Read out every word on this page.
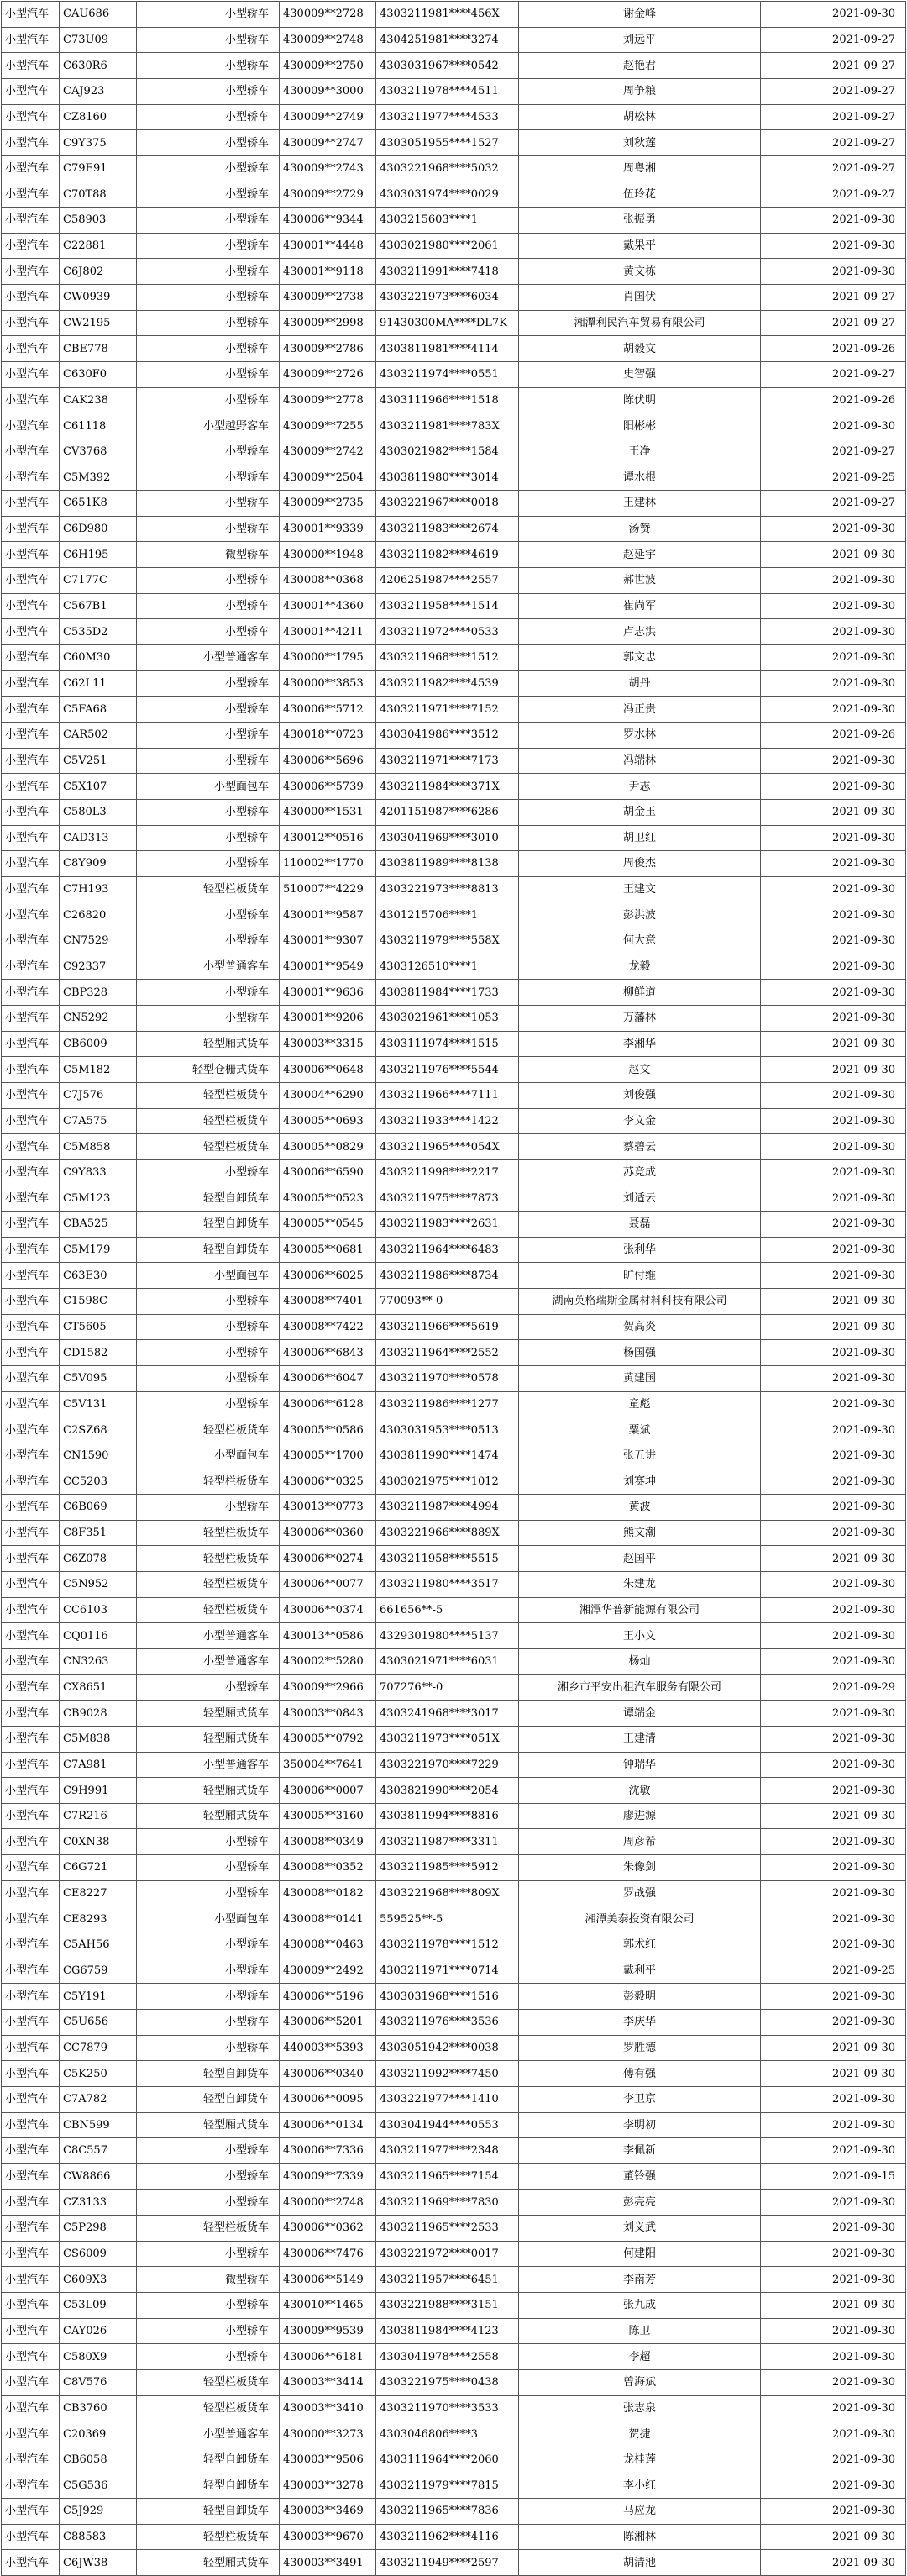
小型汽车	CAU686	小型轿车	430009**2728	4303211981****456X	谢金峰	2021-09-30
小型汽车	C73U09	小型轿车	430009**2748	4304251981****3274	刘远平	2021-09-27
小型汽车	C630R6	小型轿车	430009**2750	4303031967****0542	赵艳君	2021-09-27
小型汽车	CAJ923	小型轿车	430009**3000	4303211978****4511	周争粮	2021-09-27
小型汽车	CZ8160	小型轿车	430009**2749	4303211977****4533	胡松林	2021-09-27
小型汽车	C9Y375	小型轿车	430009**2747	4303051955****1527	刘秋莲	2021-09-27
小型汽车	C79E91	小型轿车	430009**2743	4303221968****5032	周粤湘	2021-09-27
小型汽车	C70T88	小型轿车	430009**2729	4303031974****0029	伍玲花	2021-09-27
小型汽车	C58903	小型轿车	430006**9344	4303215603****1	张振勇	2021-09-30
小型汽车	C22881	小型轿车	430001**4448	4303021980****2061	戴果平	2021-09-30
小型汽车	C6J802	小型轿车	430001**9118	4303211991****7418	黄文栋	2021-09-30
小型汽车	CW0939	小型轿车	430009**2738	4303221973****6034	肖国伏	2021-09-27
小型汽车	CW2195	小型轿车	430009**2998	91430300MA****DL7K	湘潭利民汽车贸易有限公司	2021-09-27
小型汽车	CBE778	小型轿车	430009**2786	4303811981****4114	胡毅文	2021-09-26
小型汽车	C630F0	小型轿车	430009**2726	4303211974****0551	史智强	2021-09-27
小型汽车	CAK238	小型轿车	430009**2778	4303111966****1518	陈伏明	2021-09-26
小型汽车	C61118	小型越野客车	430009**7255	4303211981****783X	阳彬彬	2021-09-30
小型汽车	CV3768	小型轿车	430009**2742	4303021982****1584	王净	2021-09-27
小型汽车	C5M392	小型轿车	430009**2504	4303811980****3014	谭水根	2021-09-25
小型汽车	C651K8	小型轿车	430009**2735	4303221967****0018	王建林	2021-09-27
小型汽车	C6D980	小型轿车	430001**9339	4303211983****2674	汤赞	2021-09-30
小型汽车	C6H195	微型轿车	430000**1948	4303211982****4619	赵延宇	2021-09-30
小型汽车	C7177C	小型轿车	430008**0368	4206251987****2557	郝世波	2021-09-30
小型汽车	C567B1	小型轿车	430001**4360	4303211958****1514	崔尚军	2021-09-30
小型汽车	C535D2	小型轿车	430001**4211	4303211972****0533	卢志洪	2021-09-30
小型汽车	C60M30	小型普通客车	430000**1795	4303211968****1512	郭文忠	2021-09-30
小型汽车	C62L11	小型轿车	430000**3853	4303211982****4539	胡丹	2021-09-30
小型汽车	C5FA68	小型轿车	430006**5712	4303211971****7152	冯正贵	2021-09-30
小型汽车	CAR502	小型轿车	430018**0723	4303041986****3512	罗水林	2021-09-26
小型汽车	C5V251	小型轿车	430006**5696	4303211971****7173	冯端林	2021-09-30
小型汽车	C5X107	小型面包车	430006**5739	4303211984****371X	尹志	2021-09-30
小型汽车	C580L3	小型轿车	430000**1531	4201151987****6286	胡金玉	2021-09-30
小型汽车	CAD313	小型轿车	430012**0516	4303041969****3010	胡卫红	2021-09-30
小型汽车	C8Y909	小型轿车	110002**1770	4303811989****8138	周俊杰	2021-09-30
小型汽车	C7H193	轻型栏板货车	510007**4229	4303221973****8813	王建文	2021-09-30
小型汽车	C26820	小型轿车	430001**9587	4301215706****1	彭洪波	2021-09-30
小型汽车	CN7529	小型轿车	430001**9307	4303211979****558X	何大意	2021-09-30
小型汽车	C92337	小型普通客车	430001**9549	4303126510****1	龙毅	2021-09-30
小型汽车	CBP328	小型轿车	430001**9636	4303811984****1733	柳鲜道	2021-09-30
小型汽车	CN5292	小型轿车	430001**9206	4303021961****1053	万藩林	2021-09-30
小型汽车	CB6009	轻型厢式货车	430003**3315	4303111974****1515	李湘华	2021-09-30
小型汽车	C5M182	轻型仓栅式货车	430006**0648	4303211976****5544	赵文	2021-09-30
小型汽车	C7J576	轻型栏板货车	430004**6290	4303211966****7111	刘俊强	2021-09-30
小型汽车	C7A575	轻型栏板货车	430005**0693	4303211933****1422	李文金	2021-09-30
小型汽车	C5M858	轻型栏板货车	430005**0829	4303211965****054X	蔡碧云	2021-09-30
小型汽车	C9Y833	小型轿车	430006**6590	4303211998****2217	苏竞成	2021-09-30
小型汽车	C5M123	轻型自卸货车	430005**0523	4303211975****7873	刘适云	2021-09-30
小型汽车	CBA525	轻型自卸货车	430005**0545	4303211983****2631	聂磊	2021-09-30
小型汽车	C5M179	轻型自卸货车	430005**0681	4303211964****6483	张利华	2021-09-30
小型汽车	C63E30	小型面包车	430006**6025	4303211986****8734	旷付维	2021-09-30
小型汽车	C1598C	小型轿车	430008**7401	770093**-0	湖南英格瑞斯金属材料科技有限公司	2021-09-30
小型汽车	CT5605	小型轿车	430008**7422	4303211966****5619	贺高炎	2021-09-30
小型汽车	CD1582	小型轿车	430006**6843	4303211964****2552	杨国强	2021-09-30
小型汽车	C5V095	小型轿车	430006**6047	4303211970****0578	黄建国	2021-09-30
小型汽车	C5V131	小型轿车	430006**6128	4303211986****1277	童彪	2021-09-30
小型汽车	C2SZ68	轻型栏板货车	430005**0586	4303031953****0513	粟斌	2021-09-30
小型汽车	CN1590	小型面包车	430005**1700	4303811990****1474	张五讲	2021-09-30
小型汽车	CC5203	轻型栏板货车	430006**0325	4303021975****1012	刘赛坤	2021-09-30
小型汽车	C6B069	小型轿车	430013**0773	4303211987****4994	黄波	2021-09-30
小型汽车	C8F351	轻型栏板货车	430006**0360	4303221966****889X	熊文潮	2021-09-30
小型汽车	C6Z078	轻型栏板货车	430006**0274	4303211958****5515	赵国平	2021-09-30
小型汽车	C5N952	轻型栏板货车	430006**0077	4303211980****3517	朱建龙	2021-09-30
小型汽车	CC6103	轻型栏板货车	430006**0374	661656**-5	湘潭华普新能源有限公司	2021-09-30
小型汽车	CQ0116	小型普通客车	430013**0586	4329301980****5137	王小文	2021-09-30
小型汽车	CN3263	小型普通客车	430002**5280	4303021971****6031	杨灿	2021-09-30
小型汽车	CX8651	小型轿车	430009**2966	707276**-0	湘乡市平安出租汽车服务有限公司	2021-09-29
小型汽车	CB9028	轻型厢式货车	430003**0843	4303241968****3017	谭端金	2021-09-30
小型汽车	C5M838	轻型厢式货车	430005**0792	4303211973****051X	王建清	2021-09-30
小型汽车	C7A981	小型普通客车	350004**7641	4303221970****7229	钟瑞华	2021-09-30
小型汽车	C9H991	轻型厢式货车	430006**0007	4303821990****2054	沈敏	2021-09-30
小型汽车	C7R216	轻型厢式货车	430005**3160	4303811994****8816	廖进源	2021-09-30
小型汽车	C0XN38	小型轿车	430008**0349	4303211987****3311	周彦希	2021-09-30
小型汽车	C6G721	小型轿车	430008**0352	4303211985****5912	朱像剑	2021-09-30
小型汽车	CE8227	小型轿车	430008**0182	4303221968****809X	罗战强	2021-09-30
小型汽车	CE8293	小型面包车	430008**0141	559525**-5	湘潭美泰投资有限公司	2021-09-30
小型汽车	C5AH56	小型轿车	430008**0463	4303211978****1512	郭术红	2021-09-30
小型汽车	CG6759	小型轿车	430009**2492	4303211971****0714	戴利平	2021-09-25
小型汽车	C5Y191	小型轿车	430006**5196	4303031968****1516	彭毅明	2021-09-30
小型汽车	C5U656	小型轿车	430006**5201	4303211976****3536	李庆华	2021-09-30
小型汽车	CC7879	小型轿车	440003**5393	4303051942****0038	罗胜德	2021-09-30
小型汽车	C5K250	轻型自卸货车	430006**0340	4303211992****7450	傅有强	2021-09-30
小型汽车	C7A782	轻型自卸货车	430006**0095	4303221977****1410	李卫京	2021-09-30
小型汽车	CBN599	轻型厢式货车	430006**0134	4303041944****0553	李明初	2021-09-30
小型汽车	C8C557	小型轿车	430006**7336	4303211977****2348	李佩新	2021-09-30
小型汽车	CW8866	小型轿车	430009**7339	4303211965****7154	董铃强	2021-09-15
小型汽车	CZ3133	小型轿车	430000**2748	4303211969****7830	彭亮亮	2021-09-30
小型汽车	C5P298	轻型栏板货车	430006**0362	4303211965****2533	刘义武	2021-09-30
小型汽车	CS6009	小型轿车	430006**7476	4303221972****0017	何建阳	2021-09-30
小型汽车	C609X3	微型轿车	430006**5149	4303211957****6451	李南芳	2021-09-30
小型汽车	C53L09	小型轿车	430010**1465	4303221988****3151	张九成	2021-09-30
小型汽车	CAY026	小型轿车	430009**9539	4303811984****4123	陈卫	2021-09-30
小型汽车	C580X9	小型轿车	430006**6181	4303041978****2558	李超	2021-09-30
小型汽车	C8V576	轻型栏板货车	430003**3414	4303221975****0438	曾海斌	2021-09-30
小型汽车	CB3760	轻型栏板货车	430003**3410	4303211970****3533	张志泉	2021-09-30
小型汽车	C20369	小型普通客车	430000**3273	4303046806****3	贺捷	2021-09-30
小型汽车	CB6058	轻型自卸货车	430003**9506	4303111964****2060	龙桂莲	2021-09-30
小型汽车	C5G536	轻型自卸货车	430003**3278	4303211979****7815	李小红	2021-09-30
小型汽车	C5J929	轻型自卸货车	430003**3469	4303211965****7836	马应龙	2021-09-30
小型汽车	C88583	轻型栏板货车	430003**9670	4303211962****4116	陈湘林	2021-09-30
小型汽车	C6JW38	轻型厢式货车	430003**3491	4303211949****2597	胡清池	2021-09-30
